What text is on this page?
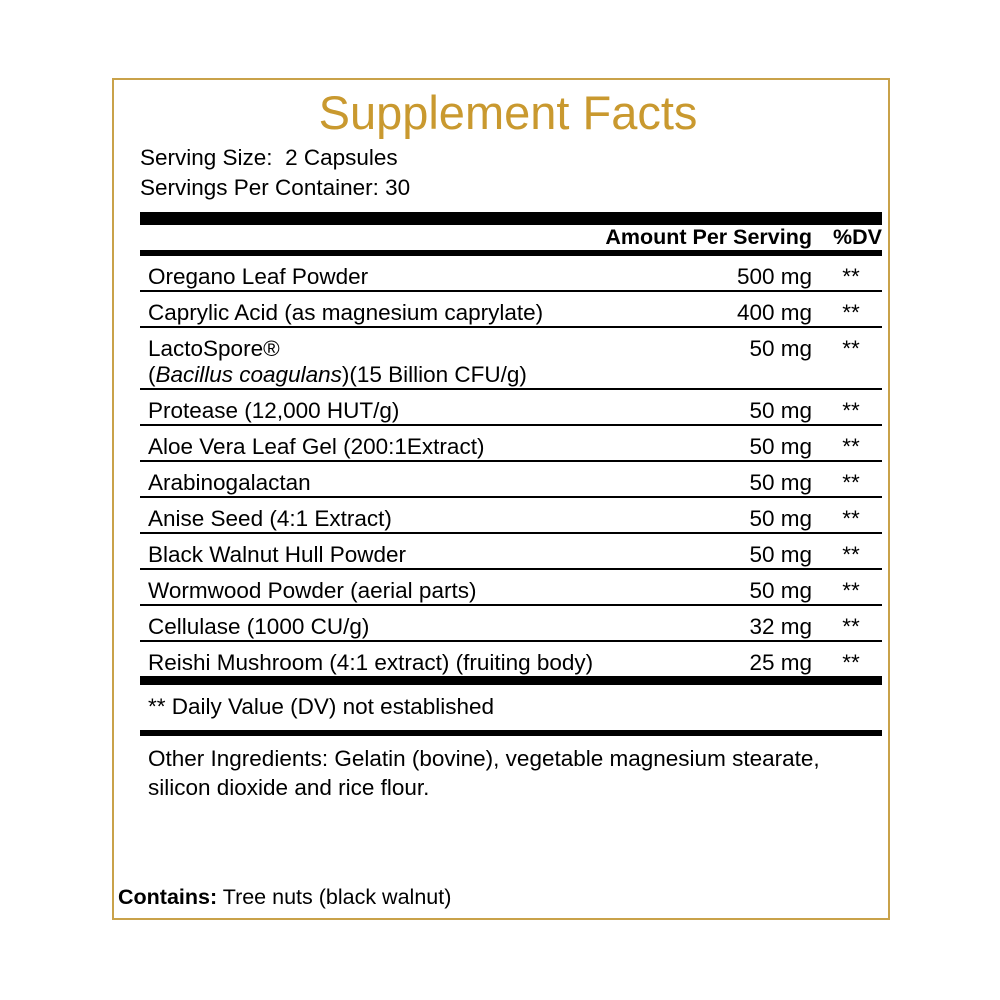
Supplement Facts
Serving Size:  2 Capsules
Servings Per Container: 30
	Amount Per Serving	%DV
Oregano Leaf Powder	500 mg	**
Caprylic Acid (as magnesium caprylate)	400 mg	**
LactoSpore®	50 mg	**
(Bacillus coagulans)(15 Billion CFU/g)		
Protease (12,000 HUT/g)	50 mg	**
Aloe Vera Leaf Gel (200:1Extract)	50 mg	**
Arabinogalactan	50 mg	**
Anise Seed (4:1 Extract)	50 mg	**
Black Walnut Hull Powder	50 mg	**
Wormwood Powder (aerial parts)	50 mg	**
Cellulase (1000 CU/g)	32 mg	**
Reishi Mushroom (4:1 extract) (fruiting body)	25 mg	**
** Daily Value (DV) not established
Other Ingredients: Gelatin (bovine), vegetable magnesium stearate, silicon dioxide and rice flour.
Contains: Tree nuts (black walnut)
